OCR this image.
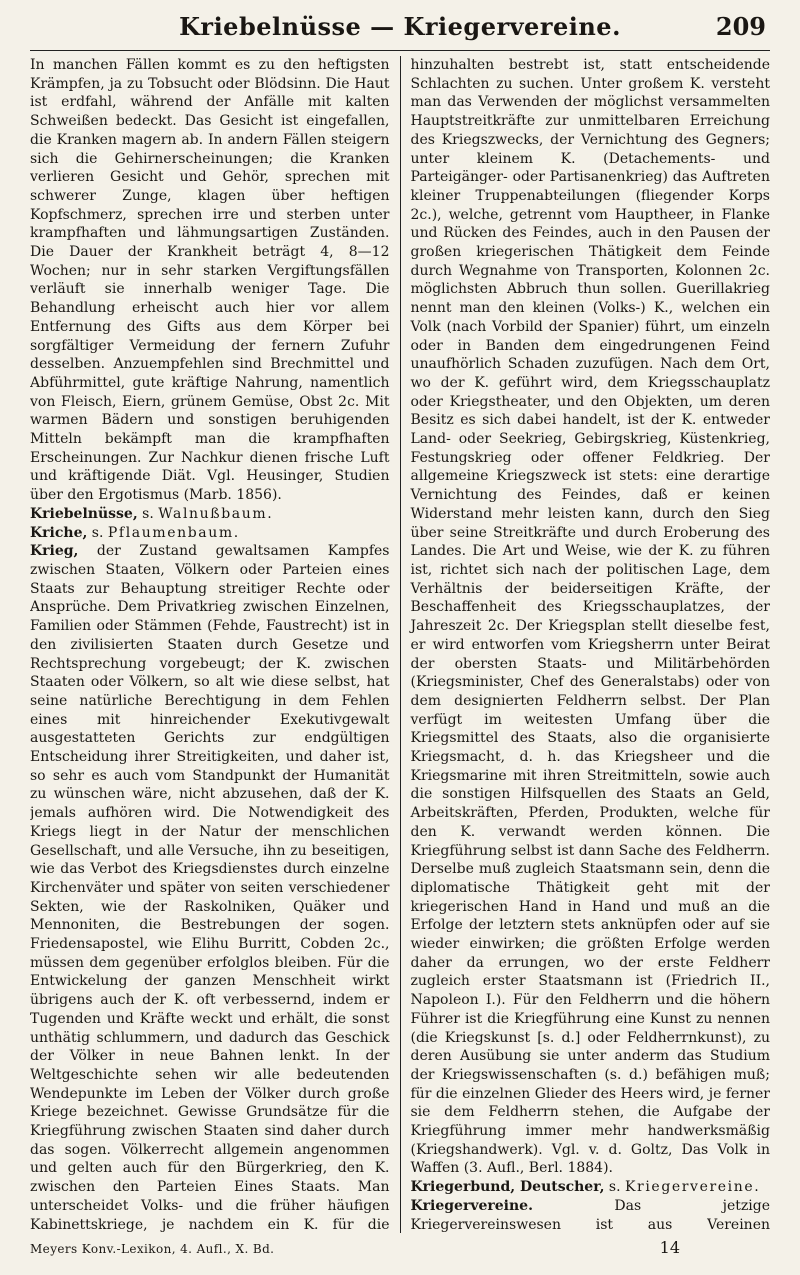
Kriebelnüsse — Kriegervereine.	209

In manchen Fällen kommt es zu den heftigsten Krämpfen, ja zu Tobsucht oder Blödsinn. Die Haut ist erdfahl, während der Anfälle mit kalten Schweißen bedeckt. Das Gesicht ist eingefallen, die Kranken magern ab. In andern Fällen steigern sich die Gehirnerscheinungen; die Kranken verlieren Gesicht und Gehör, sprechen mit schwerer Zunge, klagen über heftigen Kopfschmerz, sprechen irre und sterben unter krampfhaften und lähmungsartigen Zuständen. Die Dauer der Krankheit beträgt 4, 8—12 Wochen; nur in sehr starken Vergiftungsfällen verläuft sie innerhalb weniger Tage. Die Behandlung erheischt auch hier vor allem Entfernung des Gifts aus dem Körper bei sorgfältiger Vermeidung der fernern Zufuhr desselben. Anzuempfehlen sind Brechmittel und Abführmittel, gute kräftige Nahrung, namentlich von Fleisch, Eiern, grünem Gemüse, Obst 2c. Mit warmen Bädern und sonstigen beruhigenden Mitteln bekämpft man die krampfhaften Erscheinungen. Zur Nachkur dienen frische Luft und kräftigende Diät. Vgl. Heusinger, Studien über den Ergotismus (Marb. 1856).

Kriebelnüsse, s. Walnußbaum.

Kriche, s. Pflaumenbaum.

Krieg, der Zustand gewaltsamen Kampfes zwischen Staaten, Völkern oder Parteien eines Staats zur Behauptung streitiger Rechte oder Ansprüche. Dem Privatkrieg zwischen Einzelnen, Familien oder Stämmen (Fehde, Faustrecht) ist in den zivilisierten Staaten durch Gesetze und Rechtsprechung vorgebeugt; der K. zwischen Staaten oder Völkern, so alt wie diese selbst, hat seine natürliche Berechtigung in dem Fehlen eines mit hinreichender Exekutivgewalt ausgestatteten Gerichts zur endgültigen Entscheidung ihrer Streitigkeiten, und daher ist, so sehr es auch vom Standpunkt der Humanität zu wünschen wäre, nicht abzusehen, daß der K. jemals aufhören wird. Die Notwendigkeit des Kriegs liegt in der Natur der menschlichen Gesellschaft, und alle Versuche, ihn zu beseitigen, wie das Verbot des Kriegsdienstes durch einzelne Kirchenväter und später von seiten verschiedener Sekten, wie der Raskolniken, Quäker und Mennoniten, die Bestrebungen der sogen. Friedensapostel, wie Elihu Burritt, Cobden 2c., müssen dem gegenüber erfolglos bleiben. Für die Entwickelung der ganzen Menschheit wirkt übrigens auch der K. oft verbessernd, indem er Tugenden und Kräfte weckt und erhält, die sonst unthätig schlummern, und dadurch das Geschick der Völker in neue Bahnen lenkt. In der Weltgeschichte sehen wir alle bedeutenden Wendepunkte im Leben der Völker durch große Kriege bezeichnet. Gewisse Grundsätze für die Kriegführung zwischen Staaten sind daher durch das sogen. Völkerrecht allgemein angenommen und gelten auch für den Bürgerkrieg, den K. zwischen den Parteien Eines Staats. Man unterscheidet Volks- und die früher häufigen Kabinettskriege, je nachdem ein K. für die

hinzuhalten bestrebt ist, statt entscheidende Schlachten zu suchen. Unter großem K. versteht man das Verwenden der möglichst versammelten Hauptstreitkräfte zur unmittelbaren Erreichung des Kriegszwecks, der Vernichtung des Gegners; unter kleinem K. (Detachements- und Parteigänger- oder Partisanenkrieg) das Auftreten kleiner Truppenabteilungen (fliegender Korps 2c.), welche, getrennt vom Hauptheer, in Flanke und Rücken des Feindes, auch in den Pausen der großen kriegerischen Thätigkeit dem Feinde durch Wegnahme von Transporten, Kolonnen 2c. möglichsten Abbruch thun sollen. Guerillakrieg nennt man den kleinen (Volks-) K., welchen ein Volk (nach Vorbild der Spanier) führt, um einzeln oder in Banden dem eingedrungenen Feind unaufhörlich Schaden zuzufügen. Nach dem Ort, wo der K. geführt wird, dem Kriegsschauplatz oder Kriegstheater, und den Objekten, um deren Besitz es sich dabei handelt, ist der K. entweder Land- oder Seekrieg, Gebirgskrieg, Küstenkrieg, Festungskrieg oder offener Feldkrieg. Der allgemeine Kriegszweck ist stets: eine derartige Vernichtung des Feindes, daß er keinen Widerstand mehr leisten kann, durch den Sieg über seine Streitkräfte und durch Eroberung des Landes. Die Art und Weise, wie der K. zu führen ist, richtet sich nach der politischen Lage, dem Verhältnis der beiderseitigen Kräfte, der Beschaffenheit des Kriegsschauplatzes, der Jahreszeit 2c. Der Kriegsplan stellt dieselbe fest, er wird entworfen vom Kriegsherrn unter Beirat der obersten Staats- und Militärbehörden (Kriegsminister, Chef des Generalstabs) oder von dem designierten Feldherrn selbst. Der Plan verfügt im weitesten Umfang über die Kriegsmittel des Staats, also die organisierte Kriegsmacht, d. h. das Kriegsheer und die Kriegsmarine mit ihren Streitmitteln, sowie auch die sonstigen Hilfsquellen des Staats an Geld, Arbeitskräften, Pferden, Produkten, welche für den K. verwandt werden können. Die Kriegführung selbst ist dann Sache des Feldherrn. Derselbe muß zugleich Staatsmann sein, denn die diplomatische Thätigkeit geht mit der kriegerischen Hand in Hand und muß an die Erfolge der letztern stets anknüpfen oder auf sie wieder einwirken; die größten Erfolge werden daher da errungen, wo der erste Feldherr zugleich erster Staatsmann ist (Friedrich II., Napoleon I.). Für den Feldherrn und die höhern Führer ist die Kriegführung eine Kunst zu nennen (die Kriegskunst [s. d.] oder Feldherrnkunst), zu deren Ausübung sie unter anderm das Studium der Kriegswissenschaften (s. d.) befähigen muß; für die einzelnen Glieder des Heers wird, je ferner sie dem Feldherrn stehen, die Aufgabe der Kriegführung immer mehr handwerksmäßig (Kriegshandwerk). Vgl. v. d. Goltz, Das Volk in Waffen (3. Aufl., Berl. 1884).

Kriegerbund, Deutscher, s. Kriegervereine.

Kriegervereine.	Das jetzige Kriegervereinswesen ist aus Vereinen

Meyers Konv.-Lexikon, 4. Aufl., X. Bd.	14
